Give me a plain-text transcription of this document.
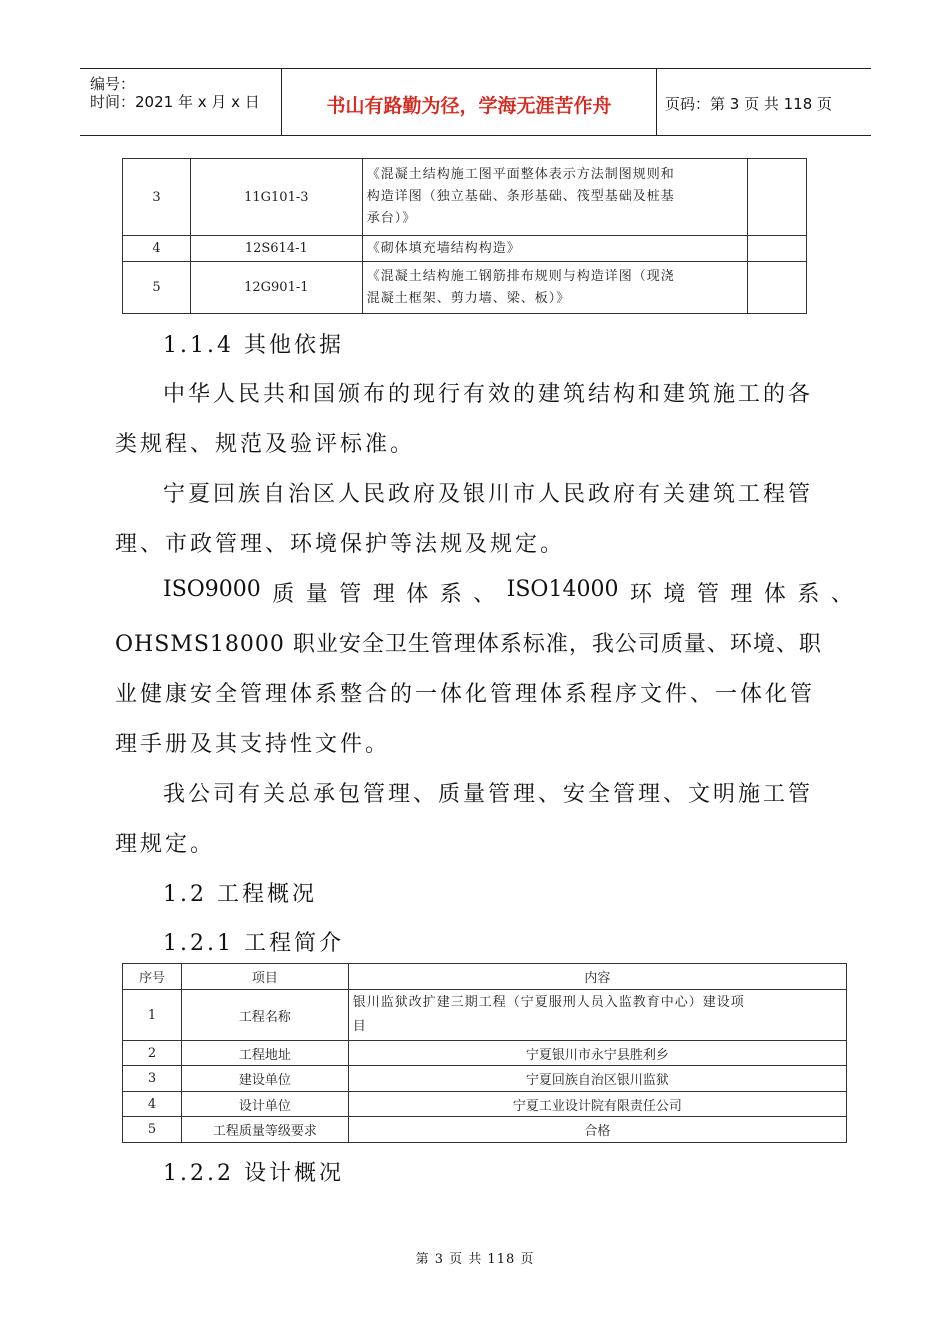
编号：
时间：2021 年 x 月 x 日	书山有路勤为径，学海无涯苦作舟	页码：第 3 页 共 118 页
3	11G101-3	《混凝土结构施工图平面整体表示方法制图规则和
构造详图（独立基础、条形基础、筏型基础及桩基
承台）》	

4	12S614-1	《砌体填充墙结构构造》	

5	12G901-1	《混凝土结构施工钢筋排布规则与构造详图（现浇
混凝土框架、剪力墙、梁、板）》	

1.1.4 其他依据
中华人民共和国颁布的现行有效的建筑结构和建筑施工的各
类规程、规范及验评标准。
宁夏回族自治区人民政府及银川市人民政府有关建筑工程管
理、市政管理、环境保护等法规及规定。
ISO9000 质 量 管 理 体 系 、 ISO14000 环 境 管 理 体 系 、
OHSMS18000 职业安全卫生管理体系标准，我公司质量、环境、职
业健康安全管理体系整合的一体化管理体系程序文件、一体化管
理手册及其支持性文件。
我公司有关总承包管理、质量管理、安全管理、文明施工管
理规定。
1.2 工程概况
1.2.1 工程简介
序号	项目	内容
1	工程名称	银川监狱改扩建三期工程（宁夏服刑人员入监教育中心）建设项
目

2	工程地址	宁夏银川市永宁县胜利乡
3	建设单位	宁夏回族自治区银川监狱
4	设计单位	宁夏工业设计院有限责任公司
5	工程质量等级要求	合格
1.2.2 设计概况
第 3 页 共 118 页
